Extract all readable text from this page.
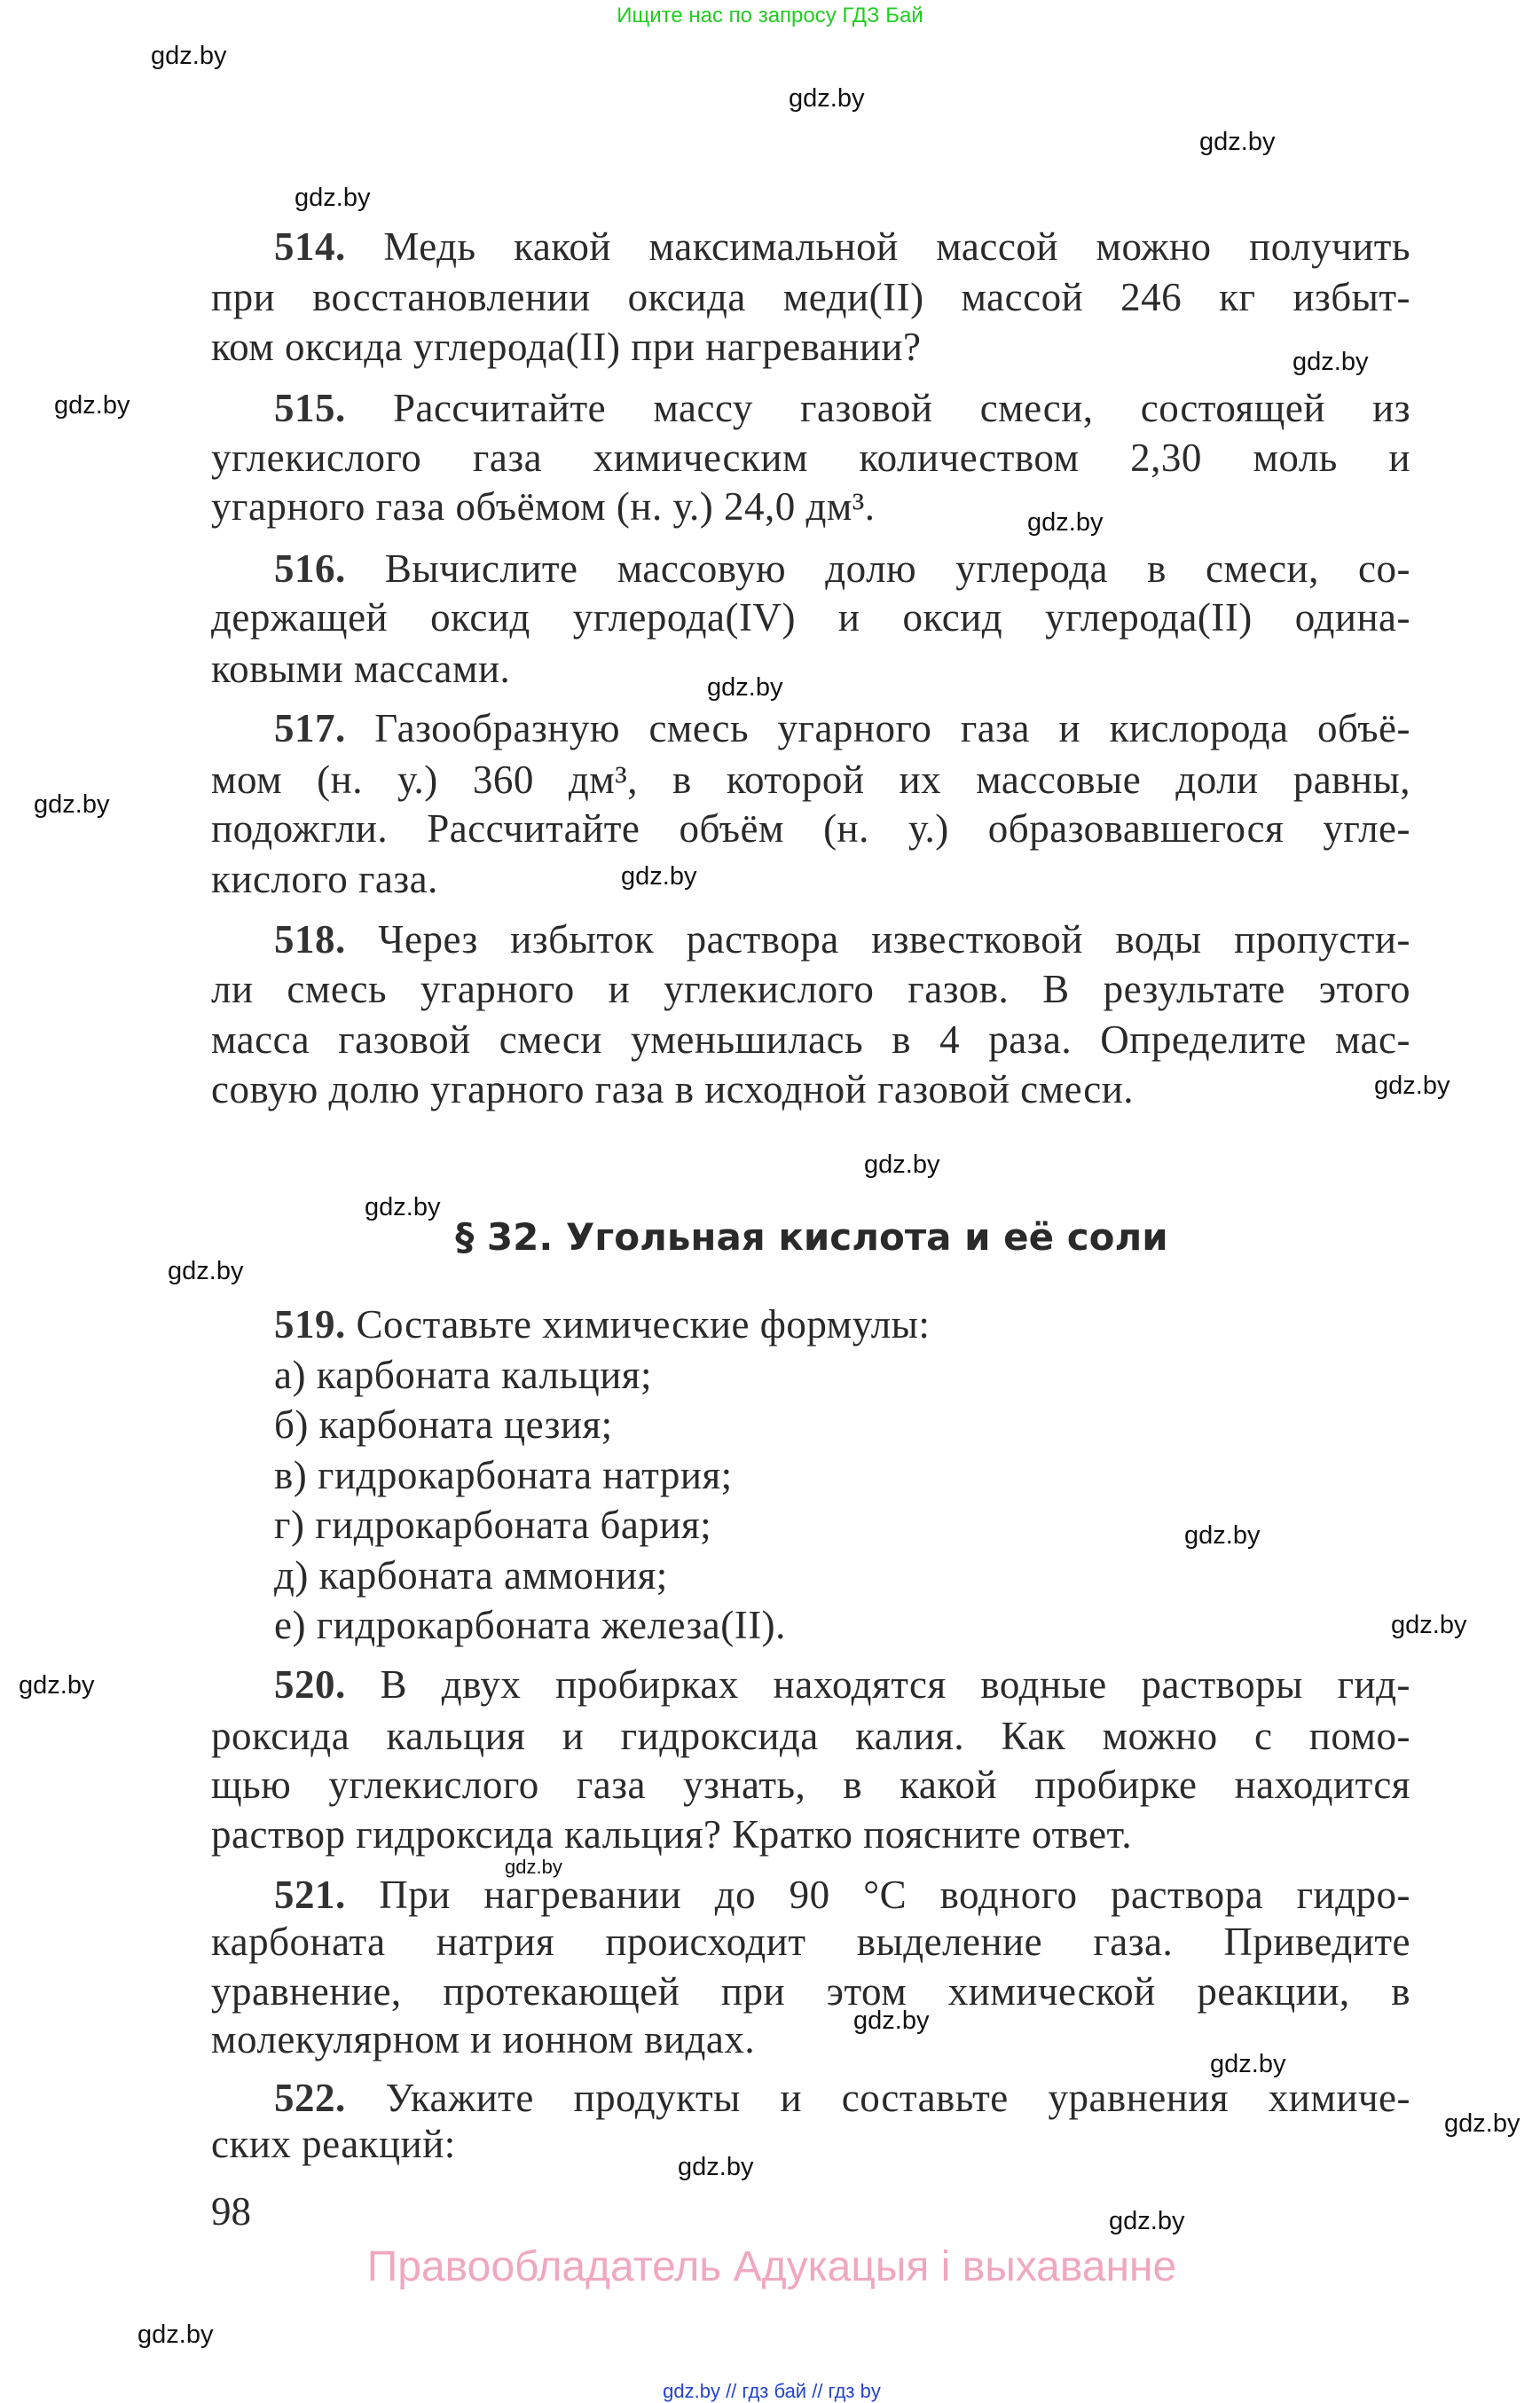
Ищите нас по запросу ГДЗ Бай
514. Медь какой максимальной массой можно получить
при восстановлении оксида меди(II) массой 246 кг избыт-
ком оксида углерода(II) при нагревании?
515. Рассчитайте массу газовой смеси, состоящей из
углекислого газа химическим количеством 2,30 моль и
угарного газа объёмом (н. у.) 24,0 дм³.
516. Вычислите массовую долю углерода в смеси, со-
держащей оксид углерода(IV) и оксид углерода(II) одина-
ковыми массами.
517. Газообразную смесь угарного газа и кислорода объё-
мом (н. у.) 360 дм³, в которой их массовые доли равны,
подожгли. Рассчитайте объём (н. у.) образовавшегося угле-
кислого газа.
518. Через избыток раствора известковой воды пропусти-
ли смесь угарного и углекислого газов. В результате этого
масса газовой смеси уменьшилась в 4 раза. Определите мас-
совую долю угарного газа в исходной газовой смеси.
519. Составьте химические формулы:
а) карбоната кальция;
б) карбоната цезия;
в) гидрокарбоната натрия;
г) гидрокарбоната бария;
д) карбоната аммония;
е) гидрокарбоната железа(II).
520. В двух пробирках находятся водные растворы гид-
роксида кальция и гидроксида калия. Как можно с помо-
щью углекислого газа узнать, в какой пробирке находится
раствор гидроксида кальция? Кратко поясните ответ.
521. При нагревании до 90 °С водного раствора гидро-
карбоната натрия происходит выделение газа. Приведите
уравнение, протекающей при этом химической реакции, в
молекулярном и ионном видах.
522. Укажите продукты и составьте уравнения химиче-
ских реакций:
§ 32. Угольная кислота и её соли
98
Правообладатель Адукацыя і выхаванне
gdz.by // гдз бай // гдз by
gdz.by
gdz.by
gdz.by
gdz.by
gdz.by
gdz.by
gdz.by
gdz.by
gdz.by
gdz.by
gdz.by
gdz.by
gdz.by
gdz.by
gdz.by
gdz.by
gdz.by
gdz.by
gdz.by
gdz.by
gdz.by
gdz.by
gdz.by
gdz.by
